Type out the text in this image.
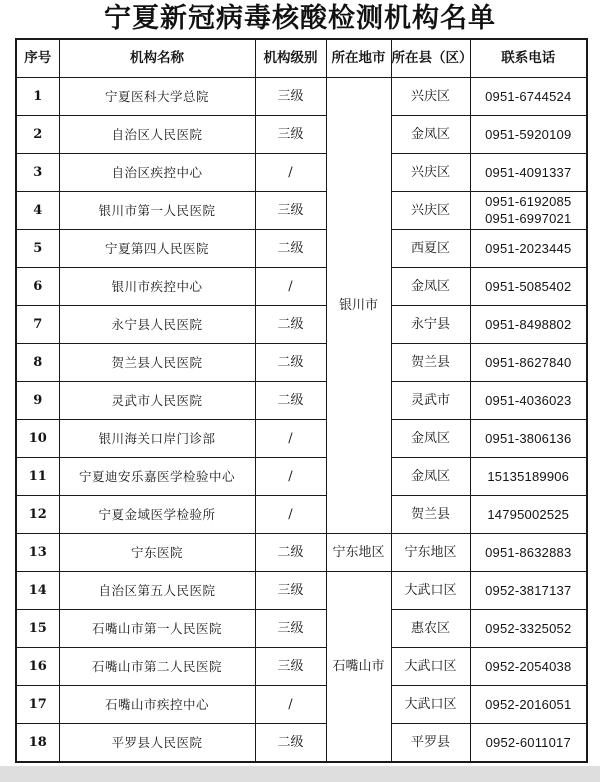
宁夏新冠病毒核酸检测机构名单
序号	机构名称	机构级别	所在地市	所在县（区）	联系电话
1	宁夏医科大学总院	三级	银川市	兴庆区	0951-6744524

2	自治区人民医院	三级		金凤区	0951-5920109

3	自治区疾控中心	/		兴庆区	0951-4091337

4	银川市第一人民医院	三级		兴庆区	0951-6192085
0951-6997021

5	宁夏第四人民医院	二级		西夏区	0951-2023445

6	银川市疾控中心	/		金凤区	0951-5085402

7	永宁县人民医院	二级		永宁县	0951-8498802

8	贺兰县人民医院	二级		贺兰县	0951-8627840

9	灵武市人民医院	二级		灵武市	0951-4036023

10	银川海关口岸门诊部	/		金凤区	0951-3806136

11	宁夏迪安乐嘉医学检验中心	/		金凤区	15135189906

12	宁夏金域医学检验所	/		贺兰县	14795002525

13	宁东医院	二级	宁东地区	宁东地区	0951-8632883

14	自治区第五人民医院	三级	石嘴山市	大武口区	0952-3817137

15	石嘴山市第一人民医院	三级		惠农区	0952-3325052

16	石嘴山市第二人民医院	三级		大武口区	0952-2054038

17	石嘴山市疾控中心	/		大武口区	0952-2016051

18	平罗县人民医院	二级		平罗县	0952-6011017
